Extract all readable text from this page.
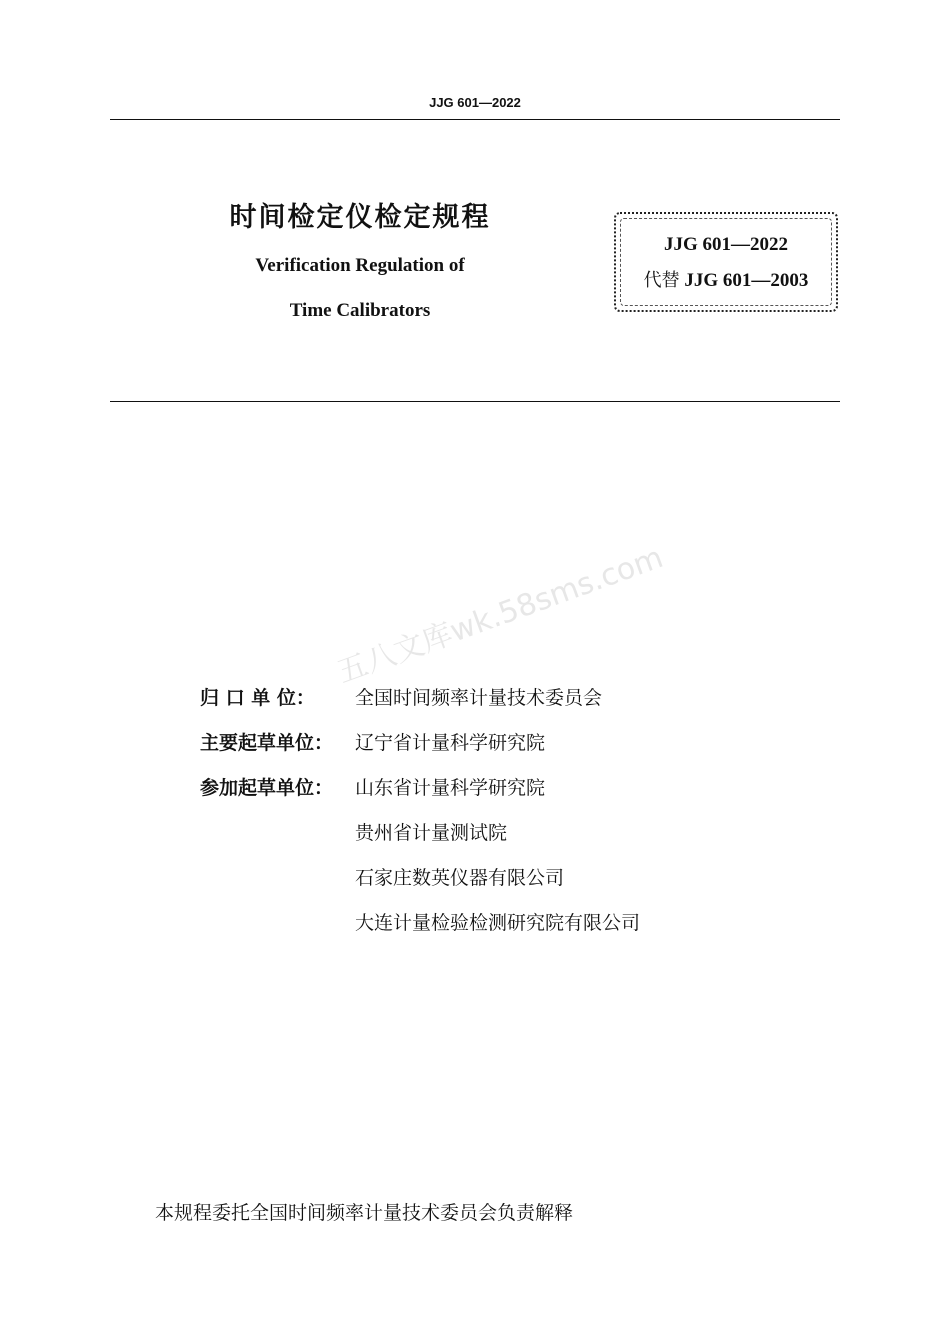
JJG 601—2022
时间检定仪检定规程
Verification Regulation of
Time Calibrators
JJG 601—2022
代替 JJG 601—2003
五八文库wk.58sms.com
归 口 单 位： 全国时间频率计量技术委员会
主要起草单位： 辽宁省计量科学研究院
参加起草单位： 山东省计量科学研究院
贵州省计量测试院
石家庄数英仪器有限公司
大连计量检验检测研究院有限公司
本规程委托全国时间频率计量技术委员会负责解释
